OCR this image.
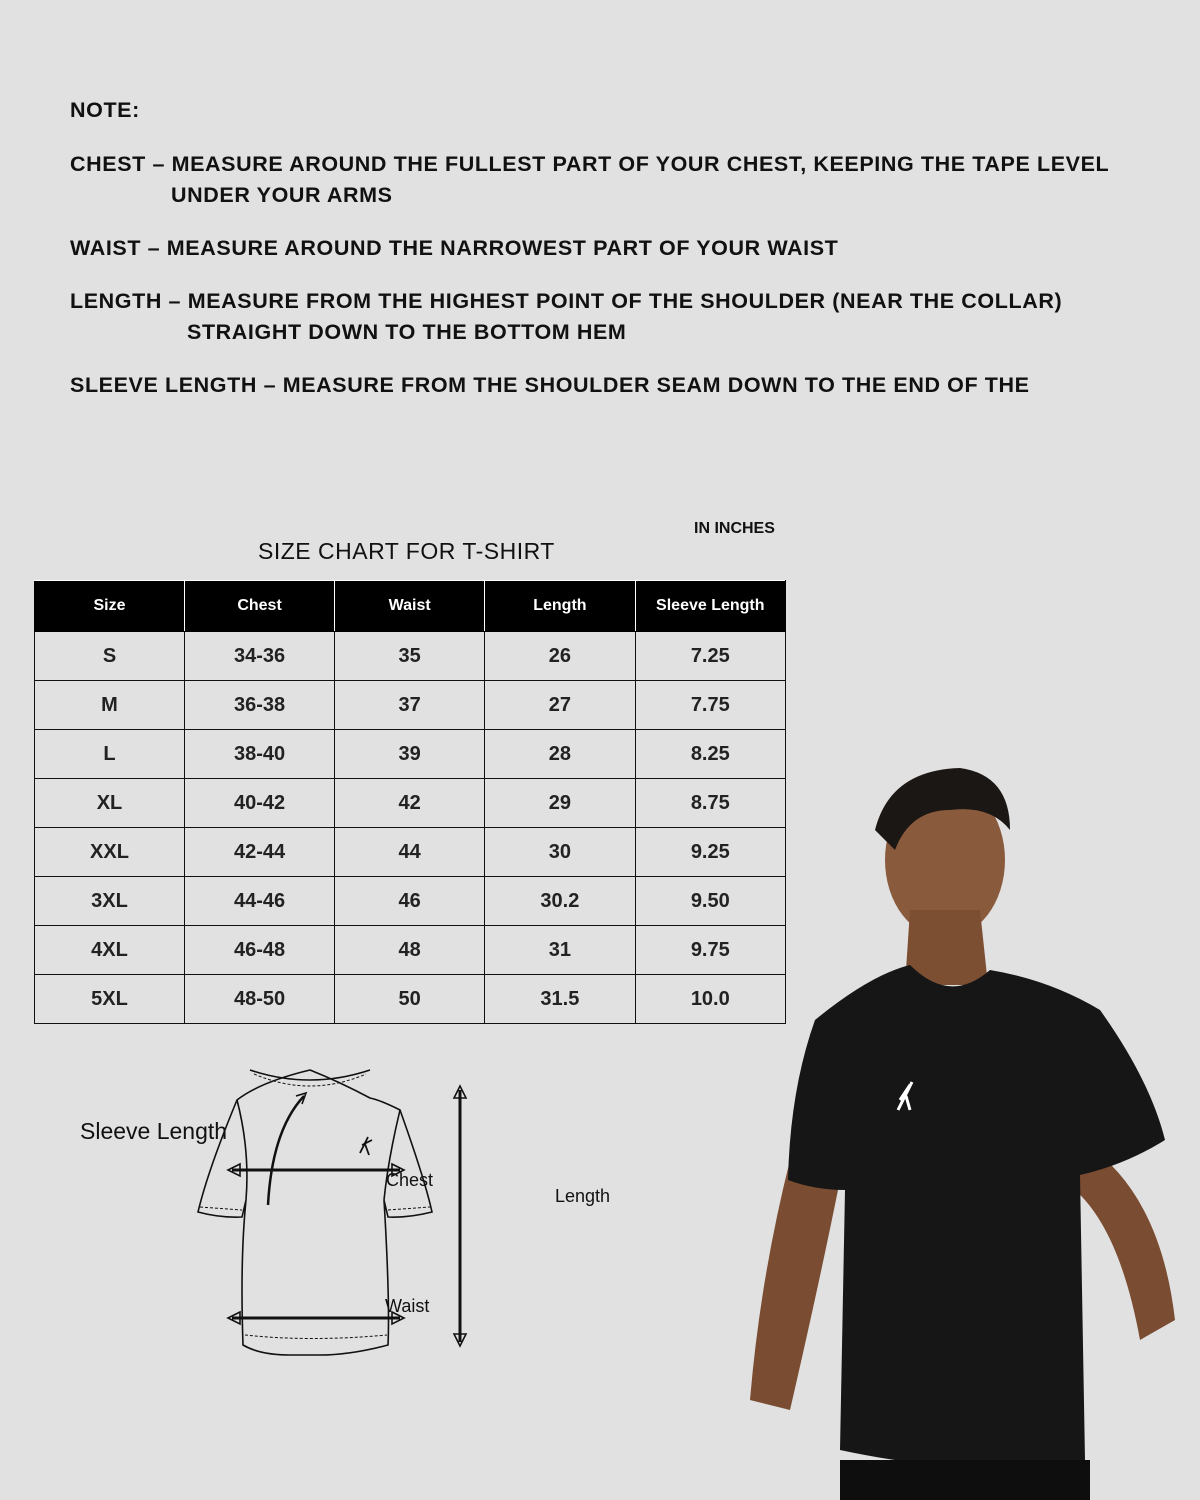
NOTE:
CHEST – MEASURE AROUND THE FULLEST PART OF YOUR CHEST, KEEPING THE TAPE LEVEL
UNDER YOUR ARMS
WAIST – MEASURE AROUND THE NARROWEST PART OF YOUR WAIST
LENGTH – MEASURE FROM THE HIGHEST POINT OF THE SHOULDER (NEAR THE COLLAR)
STRAIGHT DOWN TO THE BOTTOM HEM
SLEEVE LENGTH – MEASURE FROM THE SHOULDER SEAM DOWN TO THE END OF THE
SIZE CHART FOR T-SHIRT
IN INCHES
Size	Chest	Waist	Length	Sleeve Length
S	34-36	35	26	7.25
M	36-38	37	27	7.75
L	38-40	39	28	8.25
XL	40-42	42	29	8.75
XXL	42-44	44	30	9.25
3XL	44-46	46	30.2	9.50
4XL	46-48	48	31	9.75
5XL	48-50	50	31.5	10.0
Sleeve Length
Chest
Waist
Length
